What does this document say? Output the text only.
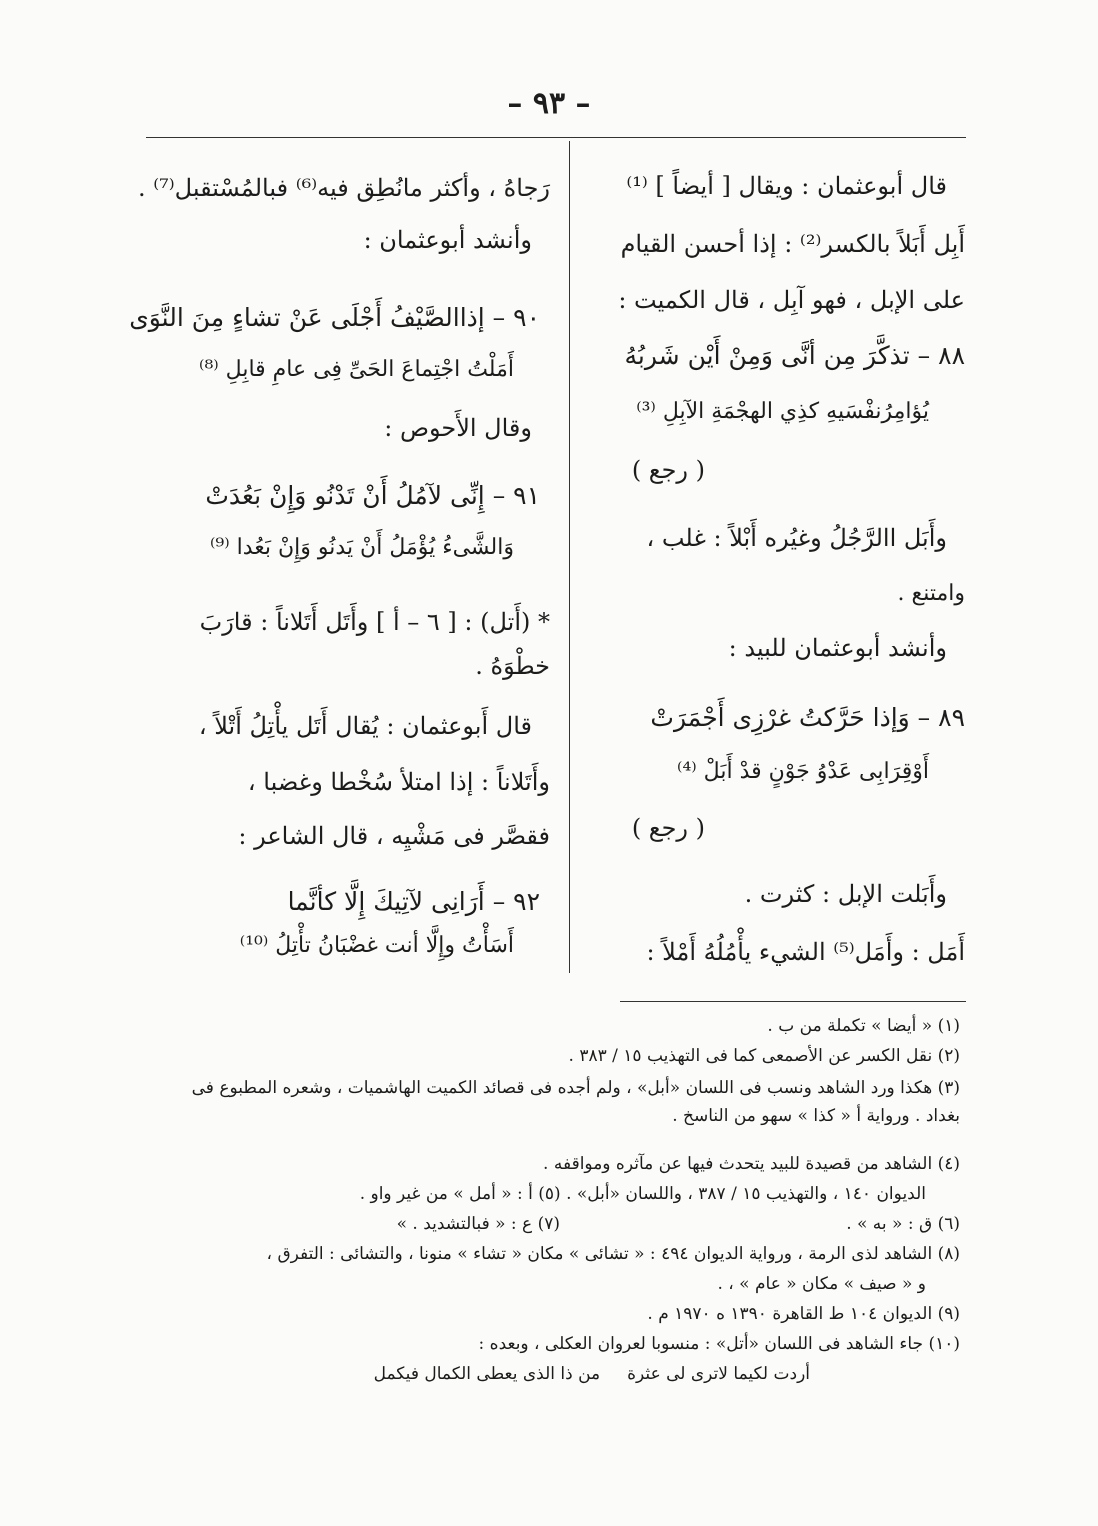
– ٩٣ –
قال أبوعثمان : ويقال [ أيضاً ] ⁽¹⁾
أَبِل أَبَلاً بالكسر⁽²⁾ : إذا أحسن القيام
على الإبل ، فهو آبِل ، قال الكميت :
٨٨ – تذكَّرَ مِن أنَّى وَمِنْ أَيْن شَربُهُ
يُؤامِرُنفْسَيهِ كذِي الهجْمَةِ الآبِلِ ⁽³⁾
( رجع )
وأَبَل االرَّجُلُ وغيُره أَبْلاً : غلب ،
وامتنع .
وأنشد أبوعثمان للبيد :
٨٩ – وَإذا حَرَّكتُ غرْزِى أَجْمَرَتْ
أَوْقِرَابِى عَدْوُ جَوْنٍ قدْ أَبَلْ ⁽⁴⁾
( رجع )
وأَبَلت الإبل : كثرت .
أَمَل : وأَمَل⁽⁵⁾ الشيء يأْمُلُهُ أَمْلاً :
رَجاهُ ، وأكثر مانُطِق فيه⁽⁶⁾ فبالمُسْتقبل⁽⁷⁾ .
وأنشد أبوعثمان :
٩٠ – إذاالصَّيْفُ أَجْلَى عَنْ تشاءٍ مِنَ النَّوَى
أَمَلْتُ اجْتِماعَ الحَىِّ فِى عامِ قابِلِ ⁽⁸⁾
وقال الأَحوص :
٩١ – إِنِّى لآمُلُ أَنْ تَدْنُو وَإِنْ بَعُدَتْ
وَالشَّىءُ يُؤْمَلُ أَنْ يَدنُو وَإِنْ بَعُدا ⁽⁹⁾
* (أَتل) : [ ٦ – أ ] وأَتَل أَتَلاناً : قارَبَ خطْوَهُ .
قال أَبوعثمان : يُقال أَتَل يأْتِلُ أَتْلاً ،
وأَتَلاناً : إذا امتلأ سُخْطا وغضبا ،
فقصَّر فى مَشْيِه ، قال الشاعر :
٩٢ – أَرَانِى لآتِيكَ إِلَّا كأنَّما
أَسَأْتُ وإِلَّا أنت غضْبَانُ تأْتِلُ ⁽¹⁰⁾
(١) « أيضا » تكملة من ب .
(٢) نقل الكسر عن الأصمعى كما فى التهذيب ١٥ / ٣٨٣ .
(٣) هكذا ورد الشاهد ونسب فى اللسان «أبل» ، ولم أجده فى قصائد الكميت الهاشميات ، وشعره المطبوع فى بغداد . ورواية أ « كذا » سهو من الناسخ .
(٤) الشاهد من قصيدة للبيد يتحدث فيها عن مآثره ومواقفه .
الديوان ١٤٠ ، والتهذيب ١٥ / ٣٨٧ ، واللسان «أبل» . (٥) أ : « أمل » من غير واو .
(٦) ق : « به » .
(٧) ع : « فبالتشديد . »
(٨) الشاهد لذى الرمة ، ورواية الديوان ٤٩٤ : « تشائى » مكان « تشاء » منونا ، والتشائى : التفرق ،
و « صيف » مكان « عام » ، .
(٩) الديوان ١٠٤ ط القاهرة ١٣٩٠ ه ١٩٧٠ م .
(١٠) جاء الشاهد فى اللسان «أتل» : منسوبا لعروان العكلى ، وبعده :
أردت لكيما لاترى لى عثرة     من ذا الذى يعطى الكمال فيكمل
